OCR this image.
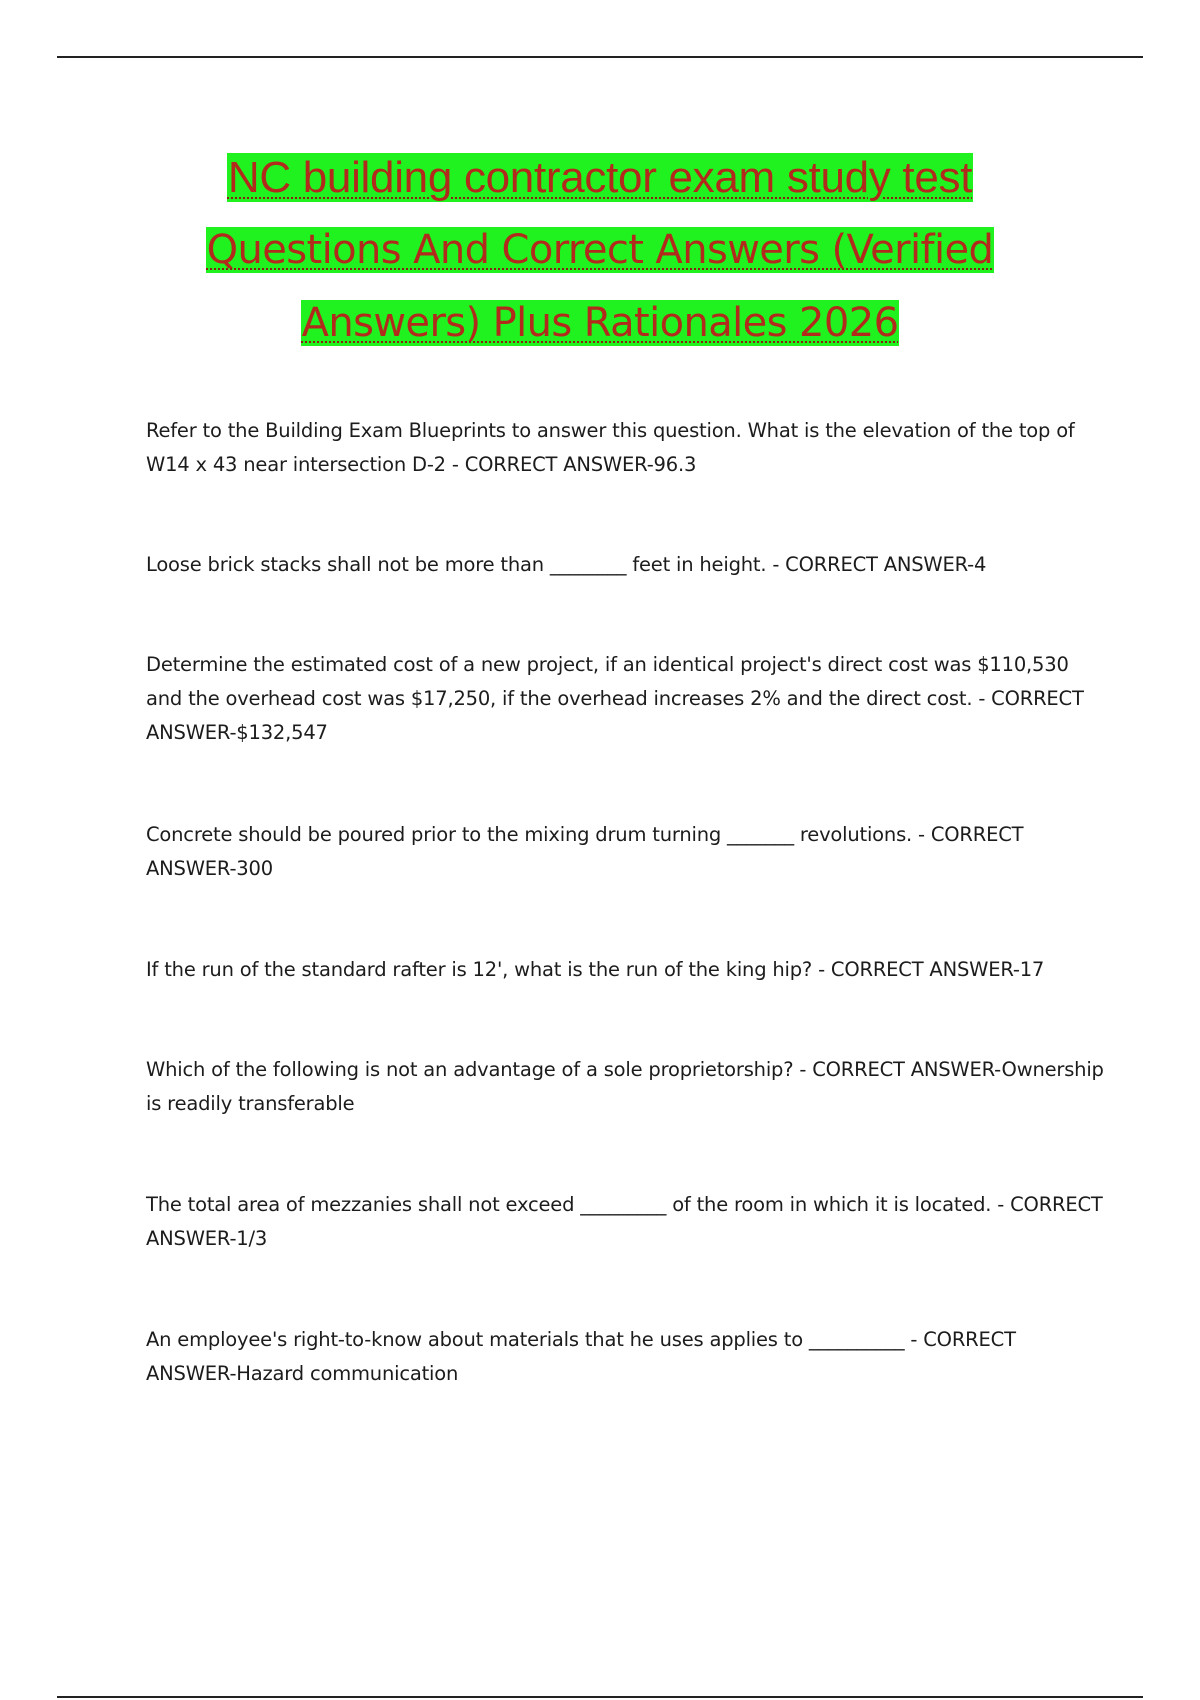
NC building contractor exam study test
Questions And Correct Answers (Verified
Answers) Plus Rationales 2026

Refer to the Building Exam Blueprints to answer this question. What is the elevation of the top of W14 x 43 near intersection D-2 - CORRECT ANSWER-96.3

Loose brick stacks shall not be more than ________ feet in height. - CORRECT ANSWER-4

Determine the estimated cost of a new project, if an identical project's direct cost was $110,530 and the overhead cost was $17,250, if the overhead increases 2% and the direct cost. - CORRECT ANSWER-$132,547

Concrete should be poured prior to the mixing drum turning _______ revolutions. - CORRECT ANSWER-300

If the run of the standard rafter is 12', what is the run of the king hip? - CORRECT ANSWER-17

Which of the following is not an advantage of a sole proprietorship? - CORRECT ANSWER-Ownership is readily transferable

The total area of mezzanies shall not exceed _________ of the room in which it is located. - CORRECT ANSWER-1/3

An employee's right-to-know about materials that he uses applies to __________ - CORRECT ANSWER-Hazard communication
